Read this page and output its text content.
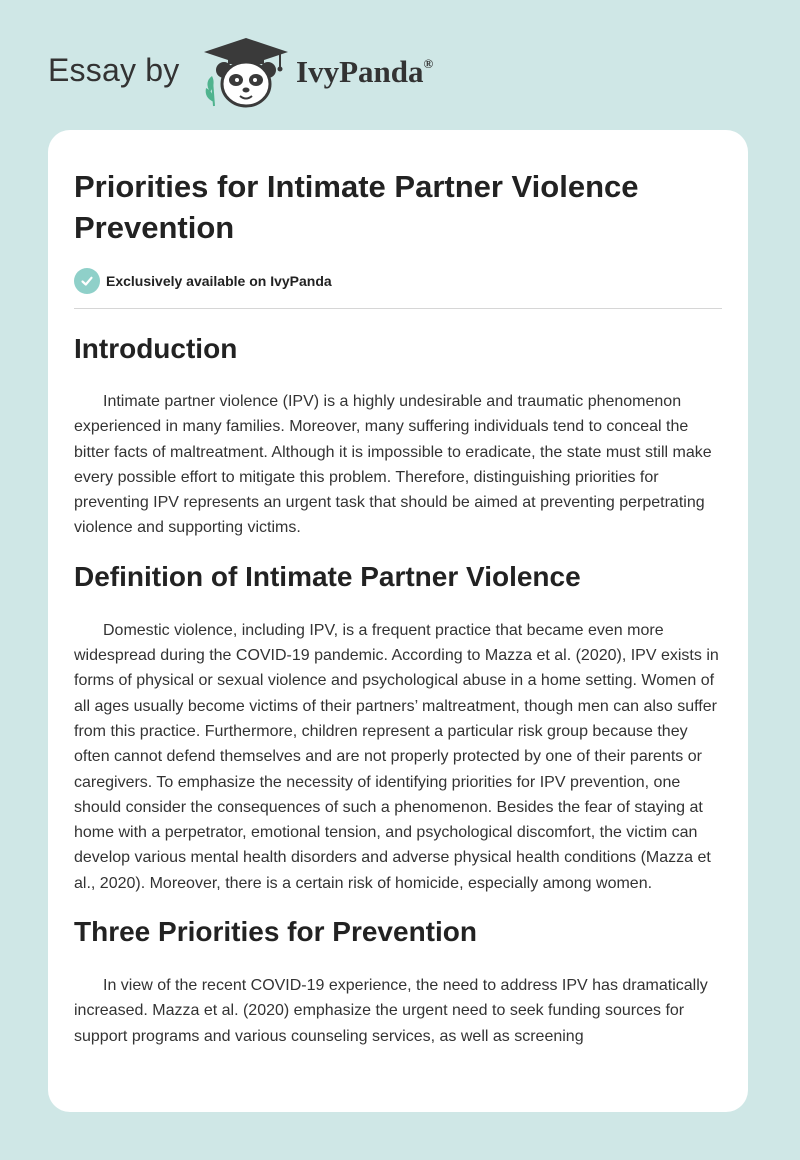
Essay by	IvyPanda®
Priorities for Intimate Partner Violence Prevention
Exclusively available on IvyPanda
Introduction

Intimate partner violence (IPV) is a highly undesirable and traumatic phenomenon experienced in many families. Moreover, many suffering individuals tend to conceal the bitter facts of maltreatment. Although it is impossible to eradicate, the state must still make every possible effort to mitigate this problem. Therefore, distinguishing priorities for preventing IPV represents an urgent task that should be aimed at preventing perpetrating violence and supporting victims.

Definition of Intimate Partner Violence

Domestic violence, including IPV, is a frequent practice that became even more widespread during the COVID-19 pandemic. According to Mazza et al. (2020), IPV exists in forms of physical or sexual violence and psychological abuse in a home setting. Women of all ages usually become victims of their partners’ maltreatment, though men can also suffer from this practice. Furthermore, children represent a particular risk group because they often cannot defend themselves and are not properly protected by one of their parents or caregivers. To emphasize the necessity of identifying priorities for IPV prevention, one should consider the consequences of such a phenomenon. Besides the fear of staying at home with a perpetrator, emotional tension, and psychological discomfort, the victim can develop various mental health disorders and adverse physical health conditions (Mazza et al., 2020). Moreover, there is a certain risk of homicide, especially among women.

Three Priorities for Prevention

In view of the recent COVID-19 experience, the need to address IPV has dramatically increased. Mazza et al. (2020) emphasize the urgent need to seek funding sources for support programs and various counseling services, as well as screening
